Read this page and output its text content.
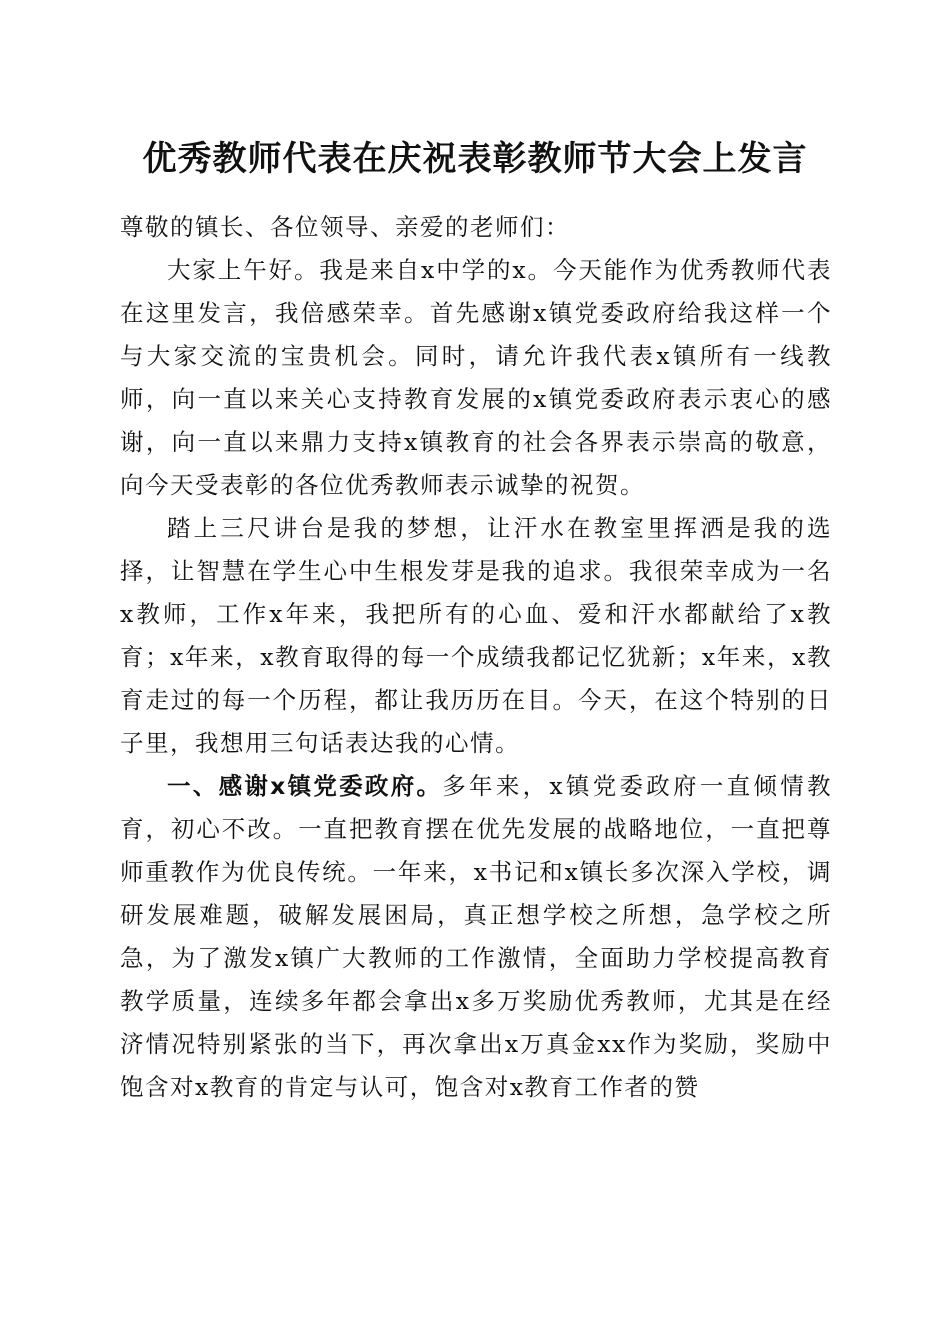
优秀教师代表在庆祝表彰教师节大会上发言

尊敬的镇长、各位领导、亲爱的老师们：

大家上午好。我是来自x中学的x。今天能作为优秀教师代表在这里发言，我倍感荣幸。首先感谢x镇党委政府给我这样一个与大家交流的宝贵机会。同时，请允许我代表x镇所有一线教师，向一直以来关心支持教育发展的x镇党委政府表示衷心的感谢，向一直以来鼎力支持x镇教育的社会各界表示崇高的敬意，向今天受表彰的各位优秀教师表示诚挚的祝贺。

踏上三尺讲台是我的梦想，让汗水在教室里挥洒是我的选择，让智慧在学生心中生根发芽是我的追求。我很荣幸成为一名x教师，工作x年来，我把所有的心血、爱和汗水都献给了x教育；x年来，x教育取得的每一个成绩我都记忆犹新；x年来，x教育走过的每一个历程，都让我历历在目。今天，在这个特别的日子里，我想用三句话表达我的心情。

一、感谢x镇党委政府。多年来，x镇党委政府一直倾情教育，初心不改。一直把教育摆在优先发展的战略地位，一直把尊师重教作为优良传统。一年来，x书记和x镇长多次深入学校，调研发展难题，破解发展困局，真正想学校之所想，急学校之所急，为了激发x镇广大教师的工作激情，全面助力学校提高教育教学质量，连续多年都会拿出x多万奖励优秀教师，尤其是在经济情况特别紧张的当下，再次拿出x万真金xx作为奖励，奖励中饱含对x教育的肯定与认可，饱含对x教育工作者的赞
